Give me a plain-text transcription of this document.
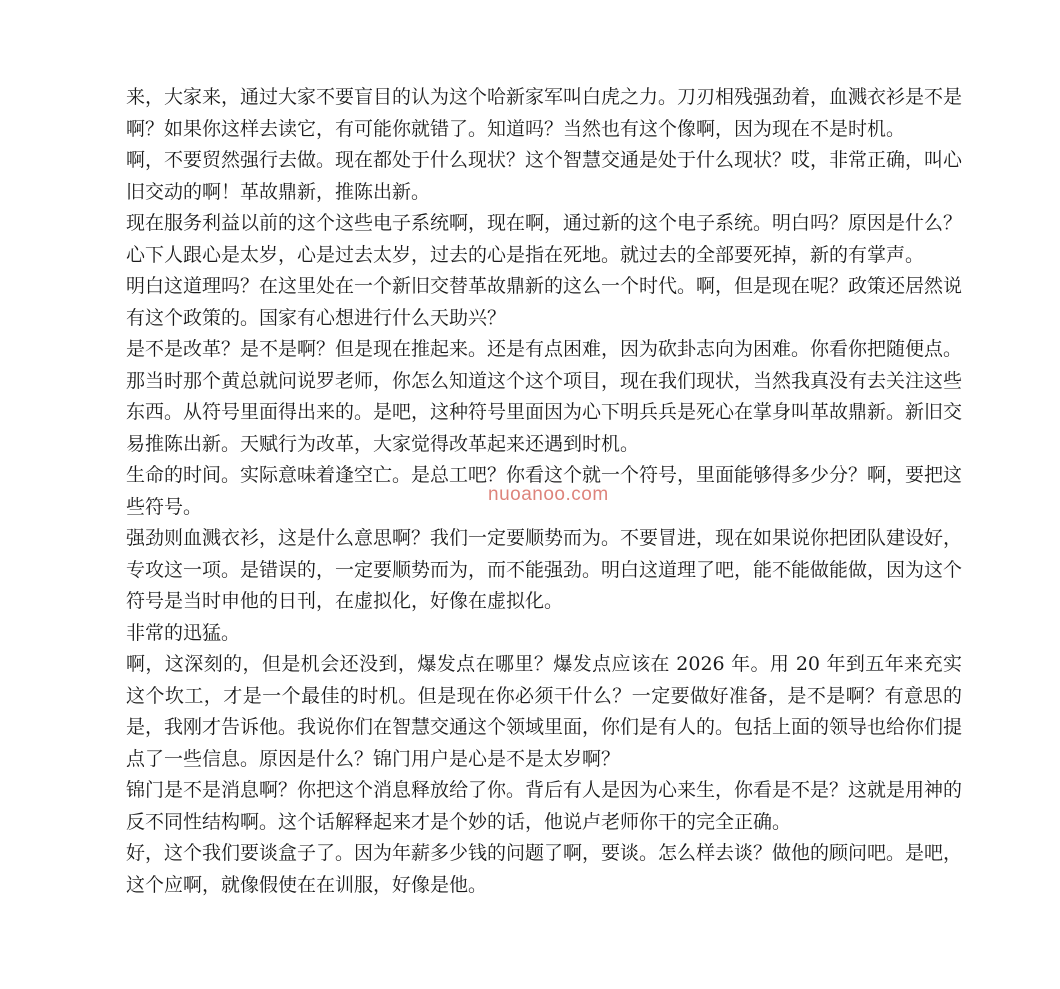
来，大家来，通过大家不要盲目的认为这个哈新家军叫白虎之力。刀刃相残强劲着，血溅衣衫是不是啊？如果你这样去读它，有可能你就错了。知道吗？当然也有这个像啊，因为现在不是时机。

啊，不要贸然强行去做。现在都处于什么现状？这个智慧交通是处于什么现状？哎，非常正确，叫心旧交动的啊！革故鼎新，推陈出新。

现在服务利益以前的这个这些电子系统啊，现在啊，通过新的这个电子系统。明白吗？原因是什么？心下人跟心是太岁，心是过去太岁，过去的心是指在死地。就过去的全部要死掉，新的有掌声。

明白这道理吗？在这里处在一个新旧交替革故鼎新的这么一个时代。啊，但是现在呢？政策还居然说有这个政策的。国家有心想进行什么天助兴？

是不是改革？是不是啊？但是现在推起来。还是有点困难，因为砍卦志向为困难。你看你把随便点。

那当时那个黄总就问说罗老师，你怎么知道这个这个项目，现在我们现状，当然我真没有去关注这些东西。从符号里面得出来的。是吧，这种符号里面因为心下明兵兵是死心在掌身叫革故鼎新。新旧交易推陈出新。天赋行为改革，大家觉得改革起来还遇到时机。

生命的时间。实际意味着逢空亡。是总工吧？你看这个就一个符号，里面能够得多少分？啊，要把这些符号。

强劲则血溅衣衫，这是什么意思啊？我们一定要顺势而为。不要冒进，现在如果说你把团队建设好，专攻这一项。是错误的，一定要顺势而为，而不能强劲。明白这道理了吧，能不能做能做，因为这个符号是当时申他的日刊，在虚拟化，好像在虚拟化。

非常的迅猛。

啊，这深刻的，但是机会还没到，爆发点在哪里？爆发点应该在 2026 年。用 20 年到五年来充实这个坎工，才是一个最佳的时机。但是现在你必须干什么？一定要做好准备，是不是啊？有意思的是，我刚才告诉他。我说你们在智慧交通这个领域里面，你们是有人的。包括上面的领导也给你们提点了一些信息。原因是什么？锦门用户是心是不是太岁啊？

锦门是不是消息啊？你把这个消息释放给了你。背后有人是因为心来生，你看是不是？这就是用神的反不同性结构啊。这个话解释起来才是个妙的话，他说卢老师你干的完全正确。

好，这个我们要谈盒子了。因为年薪多少钱的问题了啊，要谈。怎么样去谈？做他的顾问吧。是吧，这个应啊，就像假使在在训服，好像是他。

nuoanoo.com
